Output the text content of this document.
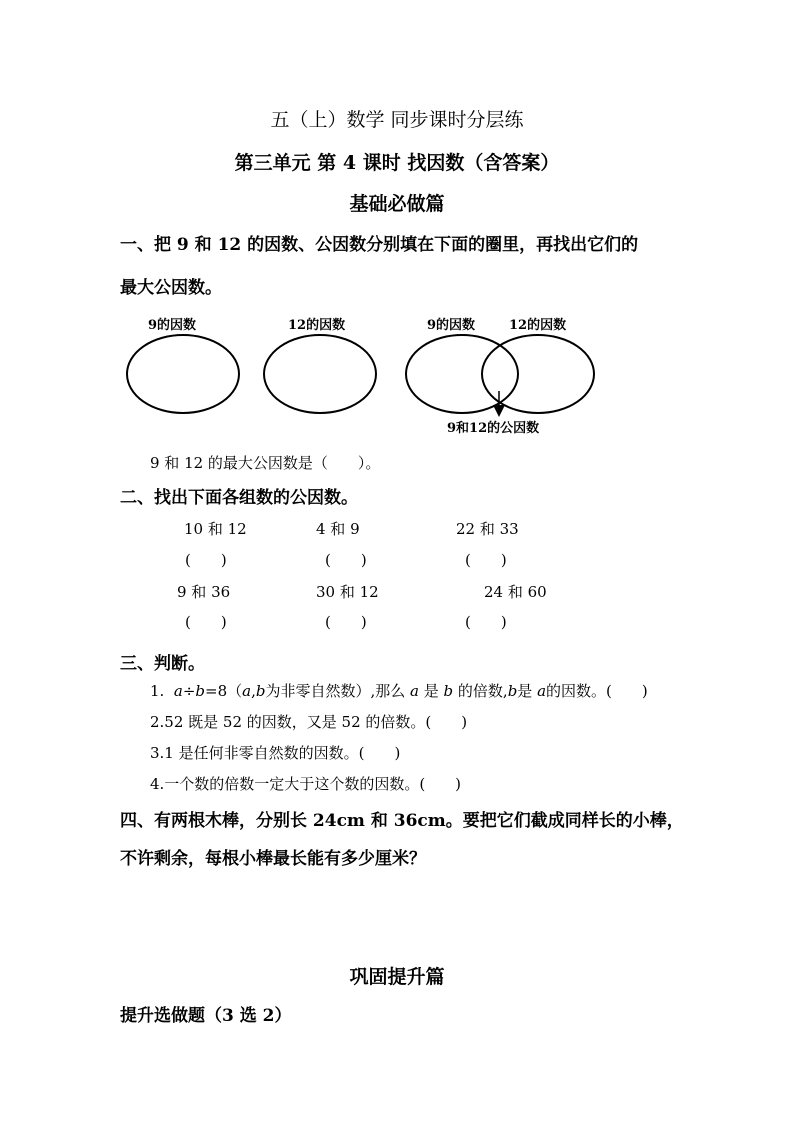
五（上）数学 同步课时分层练
第三单元 第 4 课时 找因数（含答案）
基础必做篇
一、把 9 和 12 的因数、公因数分别填在下面的圈里，再找出它们的
最大公因数。
9的因数	12的因数	9的因数	12的因数
9和12的公因数
9 和 12 的最大公因数是（　　）。
二、找出下面各组数的公因数。
10 和 12	4 和 9	22 和 33
(　　)	(　　)	(　　)
9 和 36	30 和 12	24 和 60
(　　)	(　　)	(　　)
三、判断。
1. a÷b=8（a,b为非零自然数）,那么 a 是 b 的倍数,b是 a的因数。(　　)
2.52 既是 52 的因数，又是 52 的倍数。(　　)
3.1 是任何非零自然数的因数。(　　)
4.一个数的倍数一定大于这个数的因数。(　　)
四、有两根木棒，分别长 24cm 和 36cm。要把它们截成同样长的小棒，
不许剩余，每根小棒最长能有多少厘米？
巩固提升篇
提升选做题（3 选 2）
